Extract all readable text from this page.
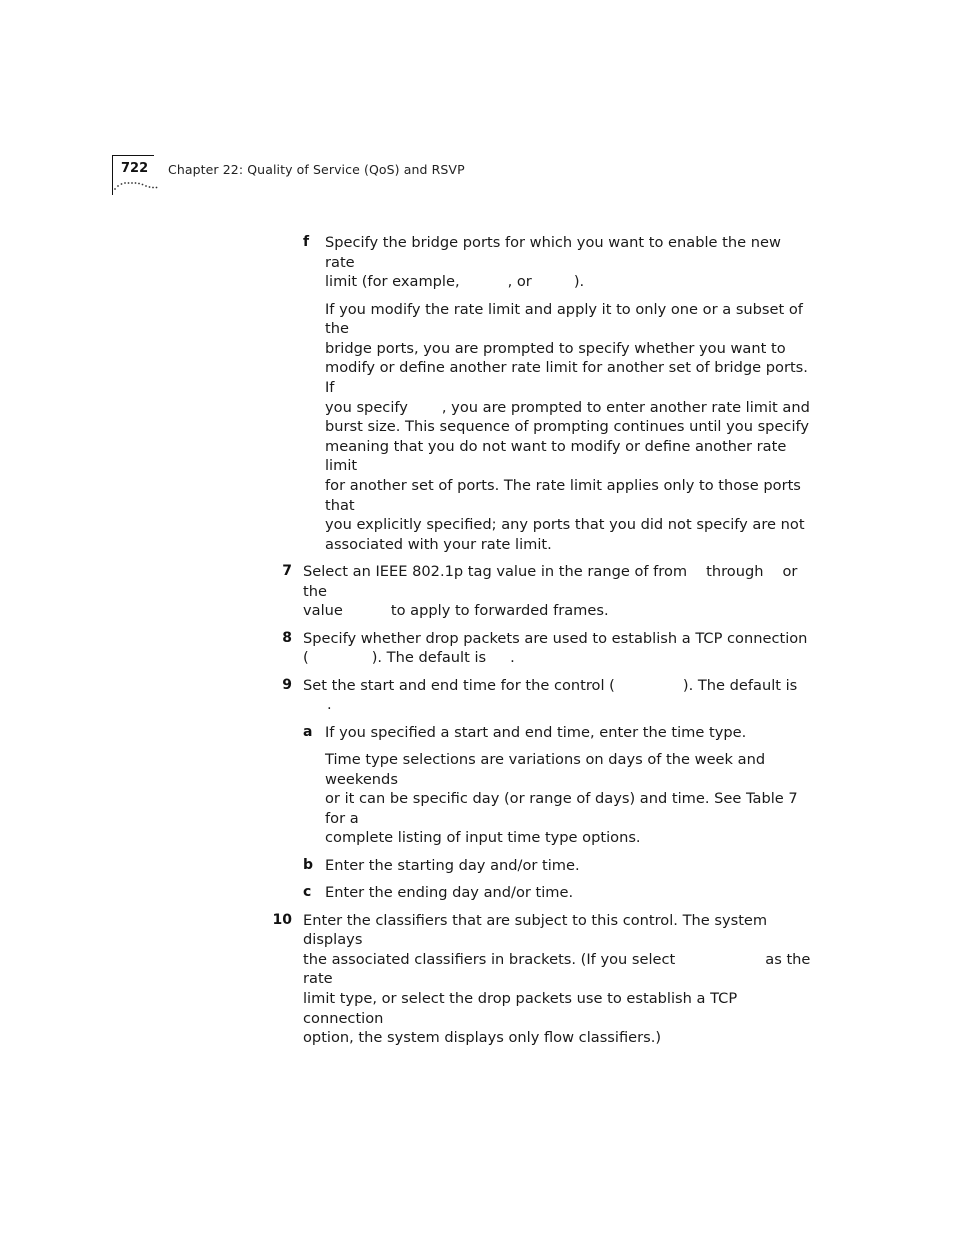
722 Chapter 22: Quality of Service (QoS) and RSVP
f Specify the bridge ports for which you want to enable the new rate
limit (for example,	, or	).
If you modify the rate limit and apply it to only one or a subset of the
bridge ports, you are prompted to specify whether you want to
modify or define another rate limit for another set of bridge ports. If
you specify , you are prompted to enter another rate limit and
burst size. This sequence of prompting continues until you specify
meaning that you do not want to modify or define another rate limit
for another set of ports. The rate limit applies only to those ports that
you explicitly specified; any ports that you did not specify are not
associated with your rate limit.
7 Select an IEEE 802.1p tag value in the range of from through or the
value	to apply to forwarded frames.
8 Specify whether drop packets are used to establish a TCP connection
(	). The default is .
9 Set the start and end time for the control (	). The default is.
a If you specified a start and end time, enter the time type.
Time type selections are variations on days of the week and weekends
or it can be specific day (or range of days) and time. See Table 7 for a
complete listing of input time type options.
b Enter the starting day and/or time.
c Enter the ending day and/or time.
10 Enter the classifiers that are subject to this control. The system displays
the associated classifiers in brackets. (If you select	as the rate
limit type, or select the drop packets use to establish a TCP connection
option, the system displays only flow classifiers.)
